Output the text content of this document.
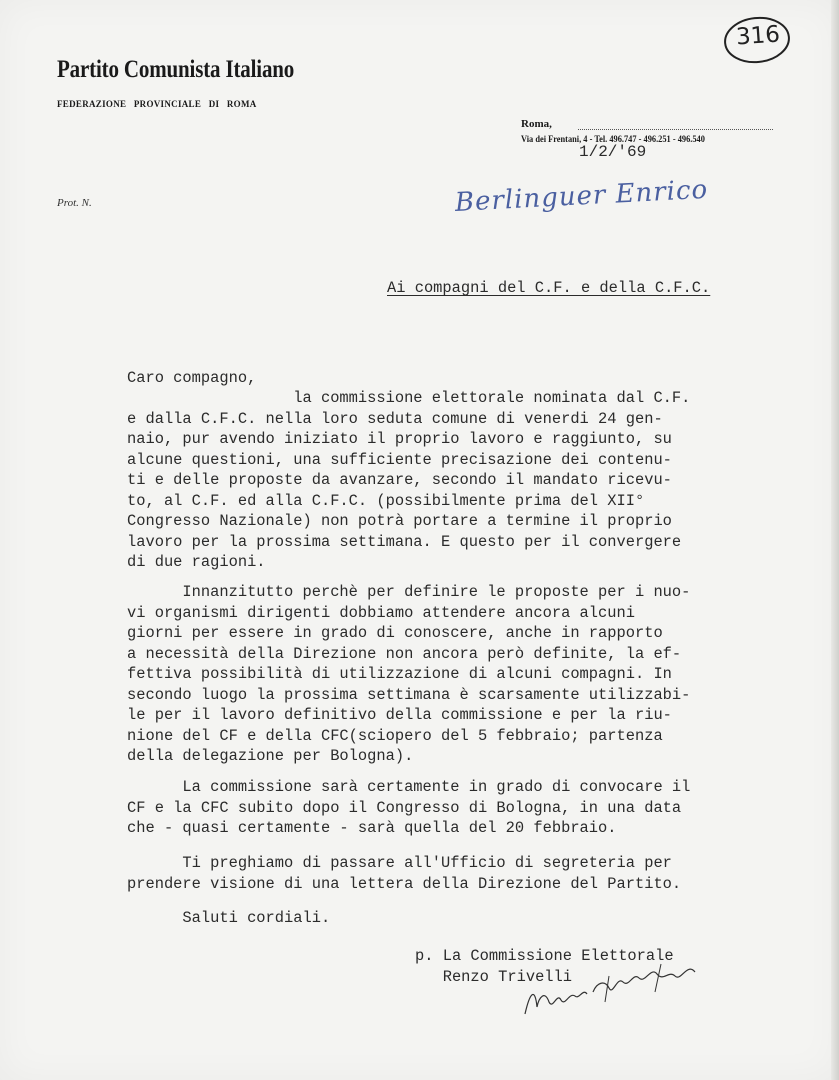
Partito Comunista Italiano
FEDERAZIONE PROVINCIALE DI ROMA
Prot. N.
Roma,
Via dei Frentani, 4 - Tel. 496.747 - 496.251 - 496.540
1/2/'69
316
Berlinguer Enrico
Ai compagni del C.F. e della C.F.C.
Caro compagno,
la commissione elettorale nominata dal C.F.
e dalla C.F.C. nella loro seduta comune di venerdi 24 gen-
naio, pur avendo iniziato il proprio lavoro e raggiunto, su
alcune questioni, una sufficiente precisazione dei contenu-
ti e delle proposte da avanzare, secondo il mandato ricevu-
to, al C.F. ed alla C.F.C. (possibilmente prima del XII°
Congresso Nazionale) non potrà portare a termine il proprio
lavoro per la prossima settimana. E questo per il convergere
di due ragioni.
Innanzitutto perchè per definire le proposte per i nuo-
vi organismi dirigenti dobbiamo attendere ancora alcuni
giorni per essere in grado di conoscere, anche in rapporto
a necessità della Direzione non ancora però definite, la ef-
fettiva possibilità di utilizzazione di alcuni compagni. In
secondo luogo la prossima settimana è scarsamente utilizzabi-
le per il lavoro definitivo della commissione e per la riu-
nione del CF e della CFC(sciopero del 5 febbraio; partenza
della delegazione per Bologna).
La commissione sarà certamente in grado di convocare il
CF e la CFC subito dopo il Congresso di Bologna, in una data
che - quasi certamente - sarà quella del 20 febbraio.
Ti preghiamo di passare all'Ufficio di segreteria per
prendere visione di una lettera della Direzione del Partito.
Saluti cordiali.
p. La Commissione Elettorale
Renzo Trivelli
